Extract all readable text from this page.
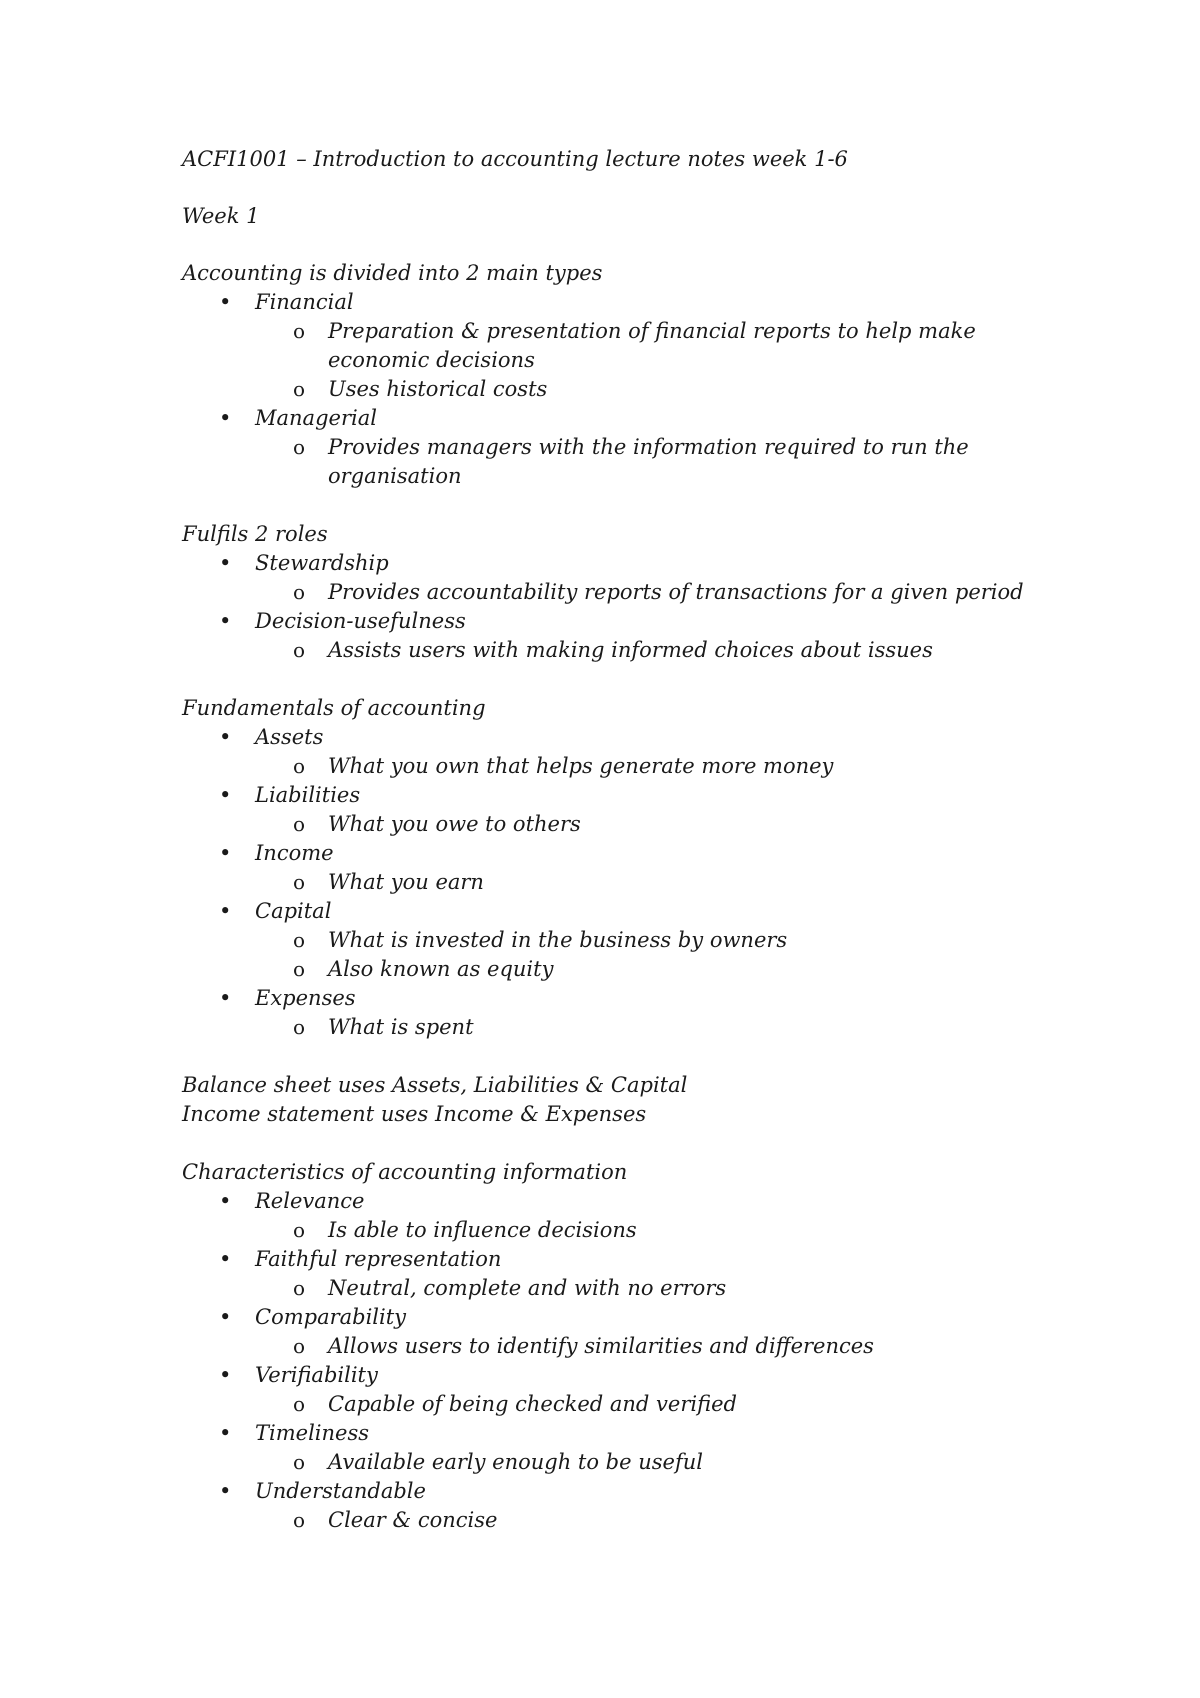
ACFI1001 – Introduction to accounting lecture notes week 1-6

Week 1

Accounting is divided into 2 main types

• Financial
o Preparation & presentation of financial reports to help make economic decisions
o Uses historical costs
• Managerial
o Provides managers with the information required to run the organisation

Fulfils 2 roles

• Stewardship
o Provides accountability reports of transactions for a given period
• Decision-usefulness
o Assists users with making informed choices about issues

Fundamentals of accounting

• Assets
o What you own that helps generate more money
• Liabilities
o What you owe to others
• Income
o What you earn
• Capital
o What is invested in the business by owners
o Also known as equity
• Expenses
o What is spent

Balance sheet uses Assets, Liabilities & Capital

Income statement uses Income & Expenses

Characteristics of accounting information

• Relevance
o Is able to influence decisions
• Faithful representation
o Neutral, complete and with no errors
• Comparability
o Allows users to identify similarities and differences
• Verifiability
o Capable of being checked and verified
• Timeliness
o Available early enough to be useful
• Understandable
o Clear & concise
